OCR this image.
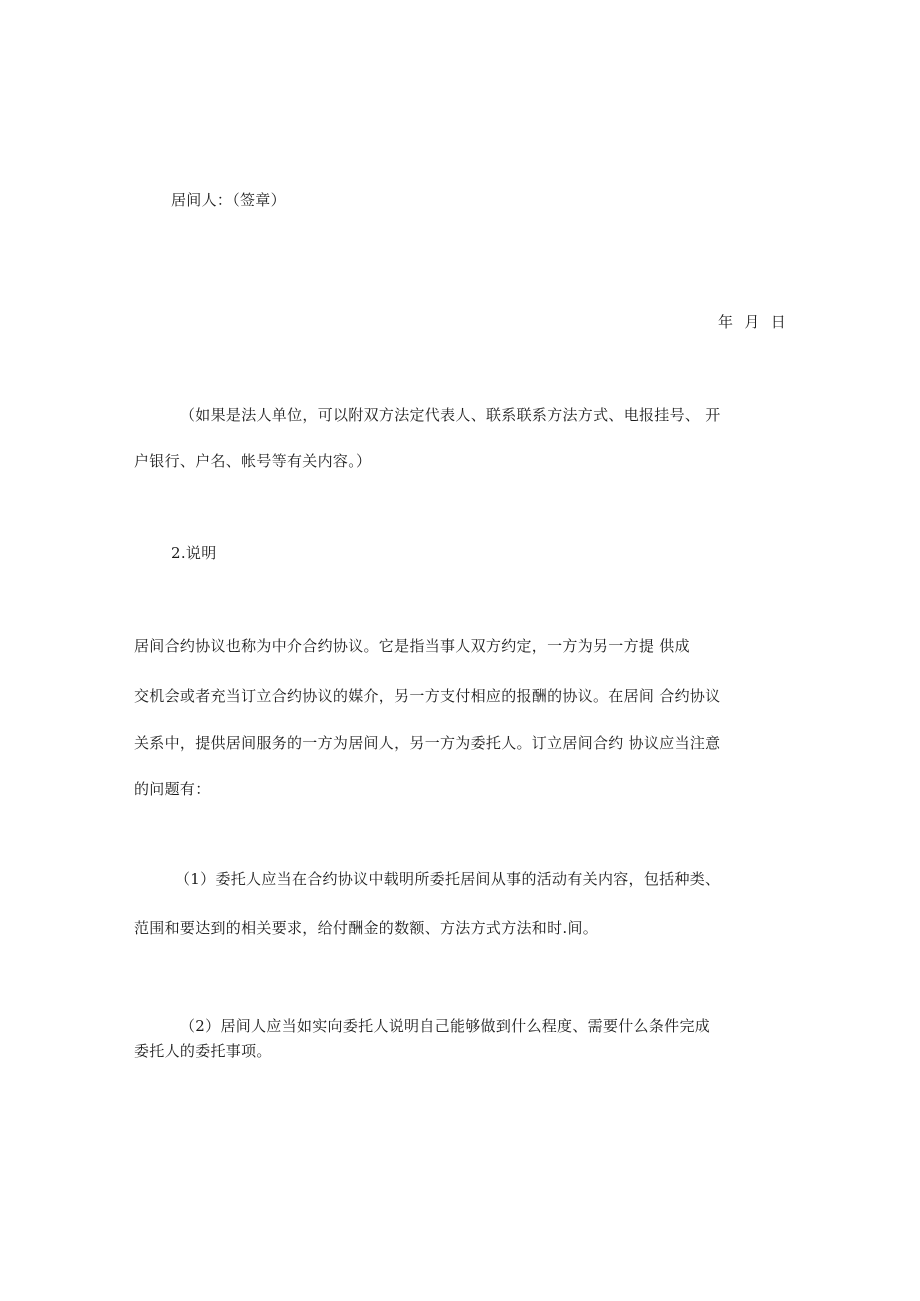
居间人：（签章）
年 月 日
（如果是法人单位，可以附双方法定代表人、联系联系方法方式、电报挂号、 开
户银行、户名、帐号等有关内容。）
2.说明
居间合约协议也称为中介合约协议。它是指当事人双方约定，一方为另一方提 供成
交机会或者充当订立合约协议的媒介，另一方支付相应的报酬的协议。在居间 合约协议
关系中，提供居间服务的一方为居间人，另一方为委托人。订立居间合约 协议应当注意
的问题有：
（1）委托人应当在合约协议中载明所委托居间从事的活动有关内容，包括种类、
范围和要达到的相关要求，给付酬金的数额、方法方式方法和时.间。
（2）居间人应当如实向委托人说明自己能够做到什么程度、需要什么条件完成
委托人的委托事项。
